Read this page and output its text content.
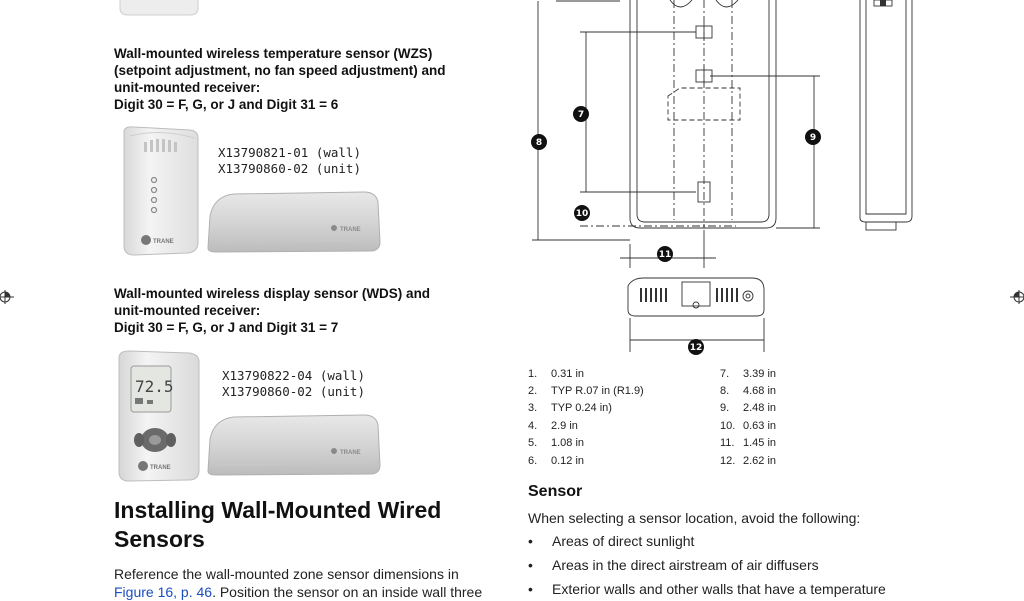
Wall-mounted wireless temperature sensor (WZS)
(setpoint adjustment, no fan speed adjustment) and
unit-mounted receiver:
Digit 30 = F, G, or J and Digit 31 = 6
TRANE
X13790821-01 (wall)
X13790860-02 (unit)
TRANE
Wall-mounted wireless display sensor (WDS) and
unit-mounted receiver:
Digit 30 = F, G, or J and Digit 31 = 7
72.5
TRANE
X13790822-04 (wall)
X13790860-02 (unit)
TRANE
Installing Wall-Mounted Wired
Sensors
Reference the wall-mounted zone sensor dimensions in
Figure 16, p. 46. Position the sensor on an inside wall three
7
8	9
10
11
12
1. 0.31 in
2. TYP R.07 in (R1.9)
3. TYP 0.24 in)
4. 2.9 in
5. 1.08 in
6. 0.12 in
7. 3.39 in
8. 4.68 in
9. 2.48 in
10. 0.63 in
11. 1.45 in
12. 2.62 in
Sensor
When selecting a sensor location, avoid the following:
• Areas of direct sunlight
• Areas in the direct airstream of air diffusers
• Exterior walls and other walls that have a temperature
